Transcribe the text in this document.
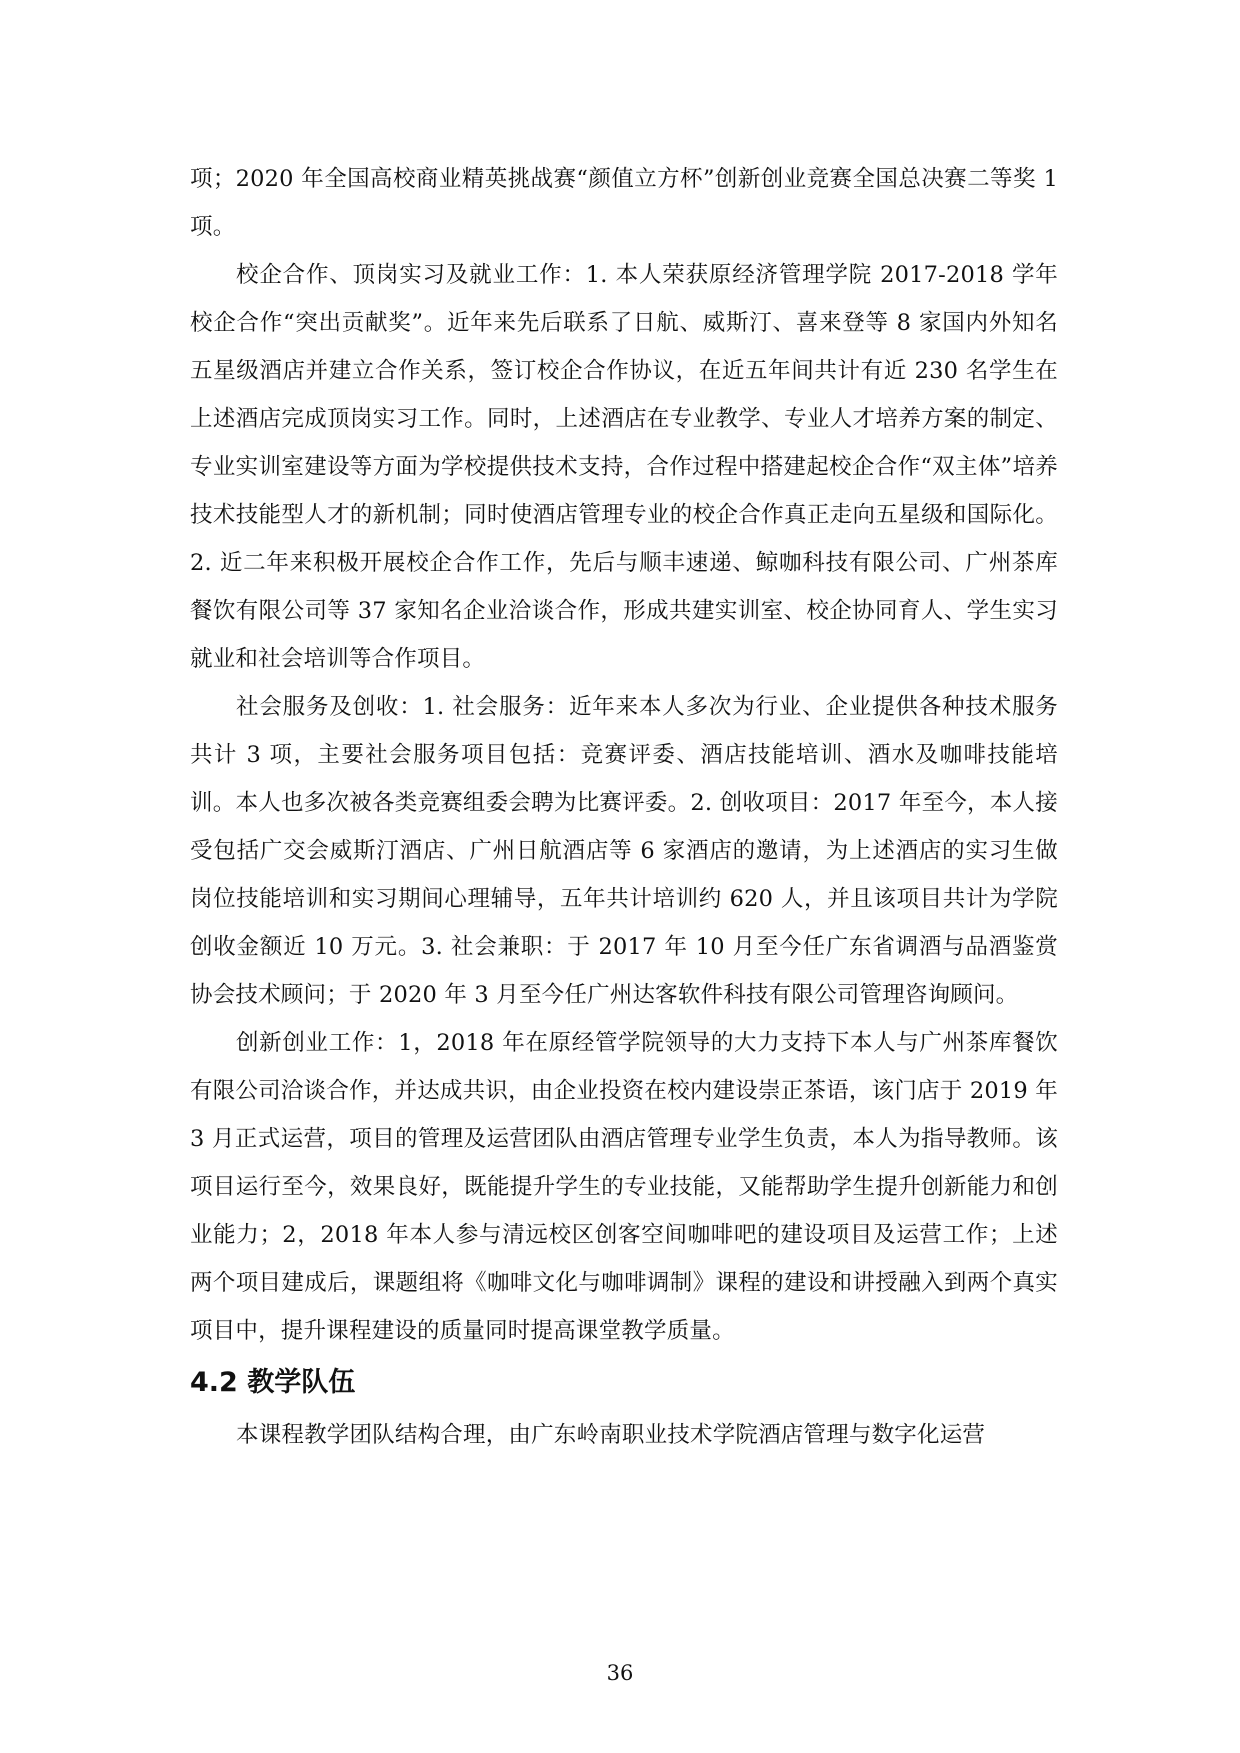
项；2020 年全国高校商业精英挑战赛“颜值立方杯”创新创业竞赛全国总决赛二等奖 1 项。

校企合作、顶岗实习及就业工作：1. 本人荣获原经济管理学院 2017-2018 学年校企合作“突出贡献奖”。近年来先后联系了日航、威斯汀、喜来登等 8 家国内外知名五星级酒店并建立合作关系，签订校企合作协议，在近五年间共计有近 230 名学生在上述酒店完成顶岗实习工作。同时，上述酒店在专业教学、专业人才培养方案的制定、专业实训室建设等方面为学校提供技术支持，合作过程中搭建起校企合作“双主体”培养技术技能型人才的新机制；同时使酒店管理专业的校企合作真正走向五星级和国际化。2. 近二年来积极开展校企合作工作，先后与顺丰速递、鲸咖科技有限公司、广州茶库餐饮有限公司等 37 家知名企业洽谈合作，形成共建实训室、校企协同育人、学生实习就业和社会培训等合作项目。

社会服务及创收：1. 社会服务：近年来本人多次为行业、企业提供各种技术服务共计 3 项，主要社会服务项目包括：竞赛评委、酒店技能培训、酒水及咖啡技能培训。本人也多次被各类竞赛组委会聘为比赛评委。2. 创收项目：2017 年至今，本人接受包括广交会威斯汀酒店、广州日航酒店等 6 家酒店的邀请，为上述酒店的实习生做岗位技能培训和实习期间心理辅导，五年共计培训约 620 人，并且该项目共计为学院创收金额近 10 万元。3. 社会兼职：于 2017 年 10 月至今任广东省调酒与品酒鉴赏协会技术顾问；于 2020 年 3 月至今任广州达客软件科技有限公司管理咨询顾问。

创新创业工作：1，2018 年在原经管学院领导的大力支持下本人与广州茶库餐饮有限公司洽谈合作，并达成共识，由企业投资在校内建设崇正茶语，该门店于 2019 年 3 月正式运营，项目的管理及运营团队由酒店管理专业学生负责，本人为指导教师。该项目运行至今，效果良好，既能提升学生的专业技能，又能帮助学生提升创新能力和创业能力；2，2018 年本人参与清远校区创客空间咖啡吧的建设项目及运营工作；上述两个项目建成后，课题组将《咖啡文化与咖啡调制》课程的建设和讲授融入到两个真实项目中，提升课程建设的质量同时提高课堂教学质量。

4.2 教学队伍

本课程教学团队结构合理，由广东岭南职业技术学院酒店管理与数字化运营

36
